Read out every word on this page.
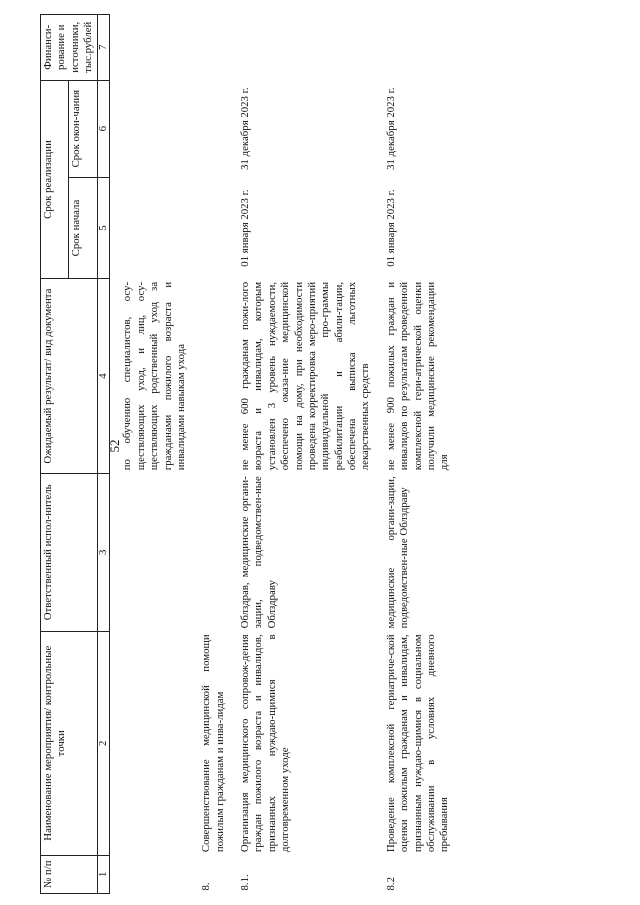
52
№ п/п	Наименование мероприятия/ контрольные точки	Ответственный испол-нитель	Ожидаемый результат/ вид документа	Срок реализации		Финанси-рование и источники, тыс.рублей
				Срок начала	Срок окон-чания	
1	2	3	4	5	6	7

			по обучению специалистов, осу-ществляющих уход, и лиц, осу-ществляющих родственный уход за гражданами пожилого возраста и инвалидами навыкам ухода			

8.	Совершенствование медицинской помощи пожилым гражданам и инва-лидам					

8.1.	Организация медицинского сопровож-дения граждан пожилого возраста и инвалидов, признанных нуждаю-щимися в долговременном уходе	Облздрав, медицинские органи-зации, подведомствен-ные Облздраву	не менее 600 гражданам пожи-лого возраста и инвалидам, которым установлен 3 уровень нуждаемости, обеспечено оказа-ние медицинской помощи на дому, при необходимости проведена корректировка меро-приятий индивидуальной про-граммы реабилитации и абили-тации, обеспечена выписка льготных лекарственных средств	01 января 2023 г.	31 декабря 2023 г.	

8.2	Проведение комплексной гериатриче-ской оценки пожилым гражданам и инвалидам, признанным нуждаю-щимися в социальном обслуживании в условиях дневного пребывания	медицинские органи-зации, подведомствен-ные Облздраву	не менее 900 пожилых граждан и инвалидов по результатам проведенной комплексной гери-атрической оценки получили медицинские рекомендации для	01 января 2023 г.	31 декабря 2023 г.	
